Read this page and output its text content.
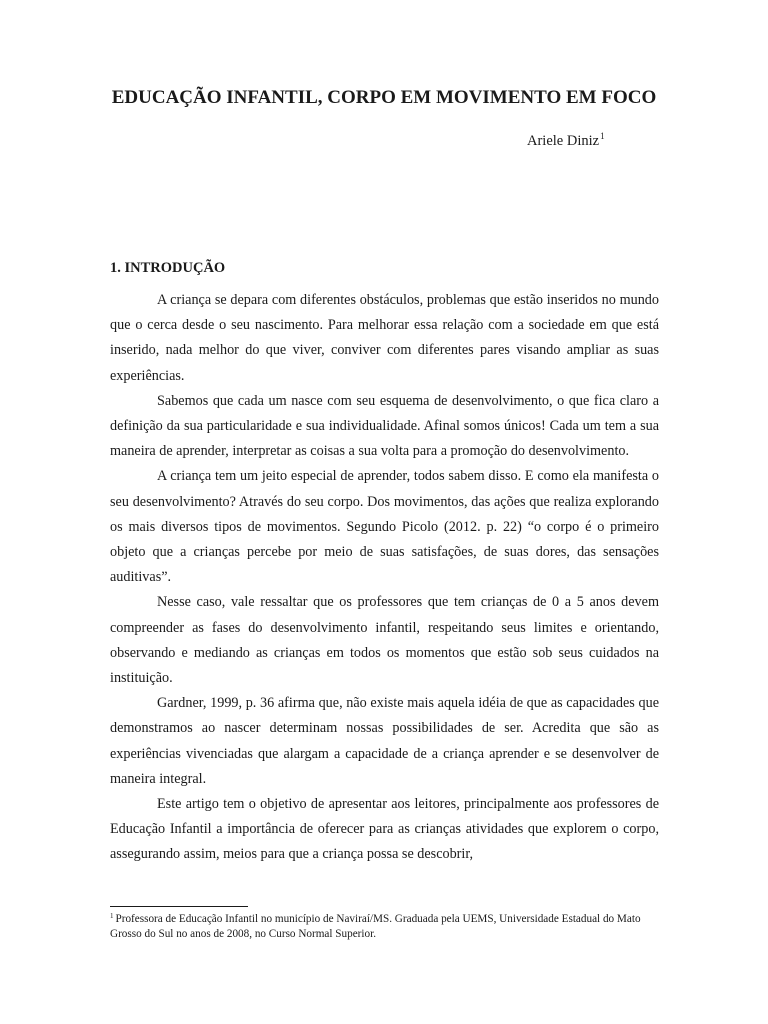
EDUCAÇÃO INFANTIL, CORPO EM MOVIMENTO EM FOCO
Ariele Diniz$^1$
1. INTRODUÇÃO

A criança se depara com diferentes obstáculos, problemas que estão inseridos no mundo que o cerca desde o seu nascimento. Para melhorar essa relação com a sociedade em que está inserido, nada melhor do que viver, conviver com diferentes pares visando ampliar as suas experiências.

Sabemos que cada um nasce com seu esquema de desenvolvimento, o que fica claro a definição da sua particularidade e sua individualidade. Afinal somos únicos! Cada um tem a sua maneira de aprender, interpretar as coisas a sua volta para a promoção do desenvolvimento.

A criança tem um jeito especial de aprender, todos sabem disso. E como ela manifesta o seu desenvolvimento? Através do seu corpo. Dos movimentos, das ações que realiza explorando os mais diversos tipos de movimentos. Segundo Picolo (2012. p. 22) “o corpo é o primeiro objeto que a crianças percebe por meio de suas satisfações, de suas dores, das sensações auditivas”.

Nesse caso, vale ressaltar que os professores que tem crianças de 0 a 5 anos devem compreender as fases do desenvolvimento infantil, respeitando seus limites e orientando, observando e mediando as crianças em todos os momentos que estão sob seus cuidados na instituição.

Gardner, 1999, p. 36 afirma que, não existe mais aquela idéia de que as capacidades que demonstramos ao nascer determinam nossas possibilidades de ser. Acredita que são as experiências vivenciadas que alargam a capacidade de a criança aprender e se desenvolver de maneira integral.

Este artigo tem o objetivo de apresentar aos leitores, principalmente aos professores de Educação Infantil a importância de oferecer para as crianças atividades que explorem o corpo, assegurando assim, meios para que a criança possa se descobrir,

$^1$ Professora de Educação Infantil no município de Naviraí/MS. Graduada pela UEMS, Universidade Estadual do Mato Grosso do Sul no anos de 2008, no Curso Normal Superior.
